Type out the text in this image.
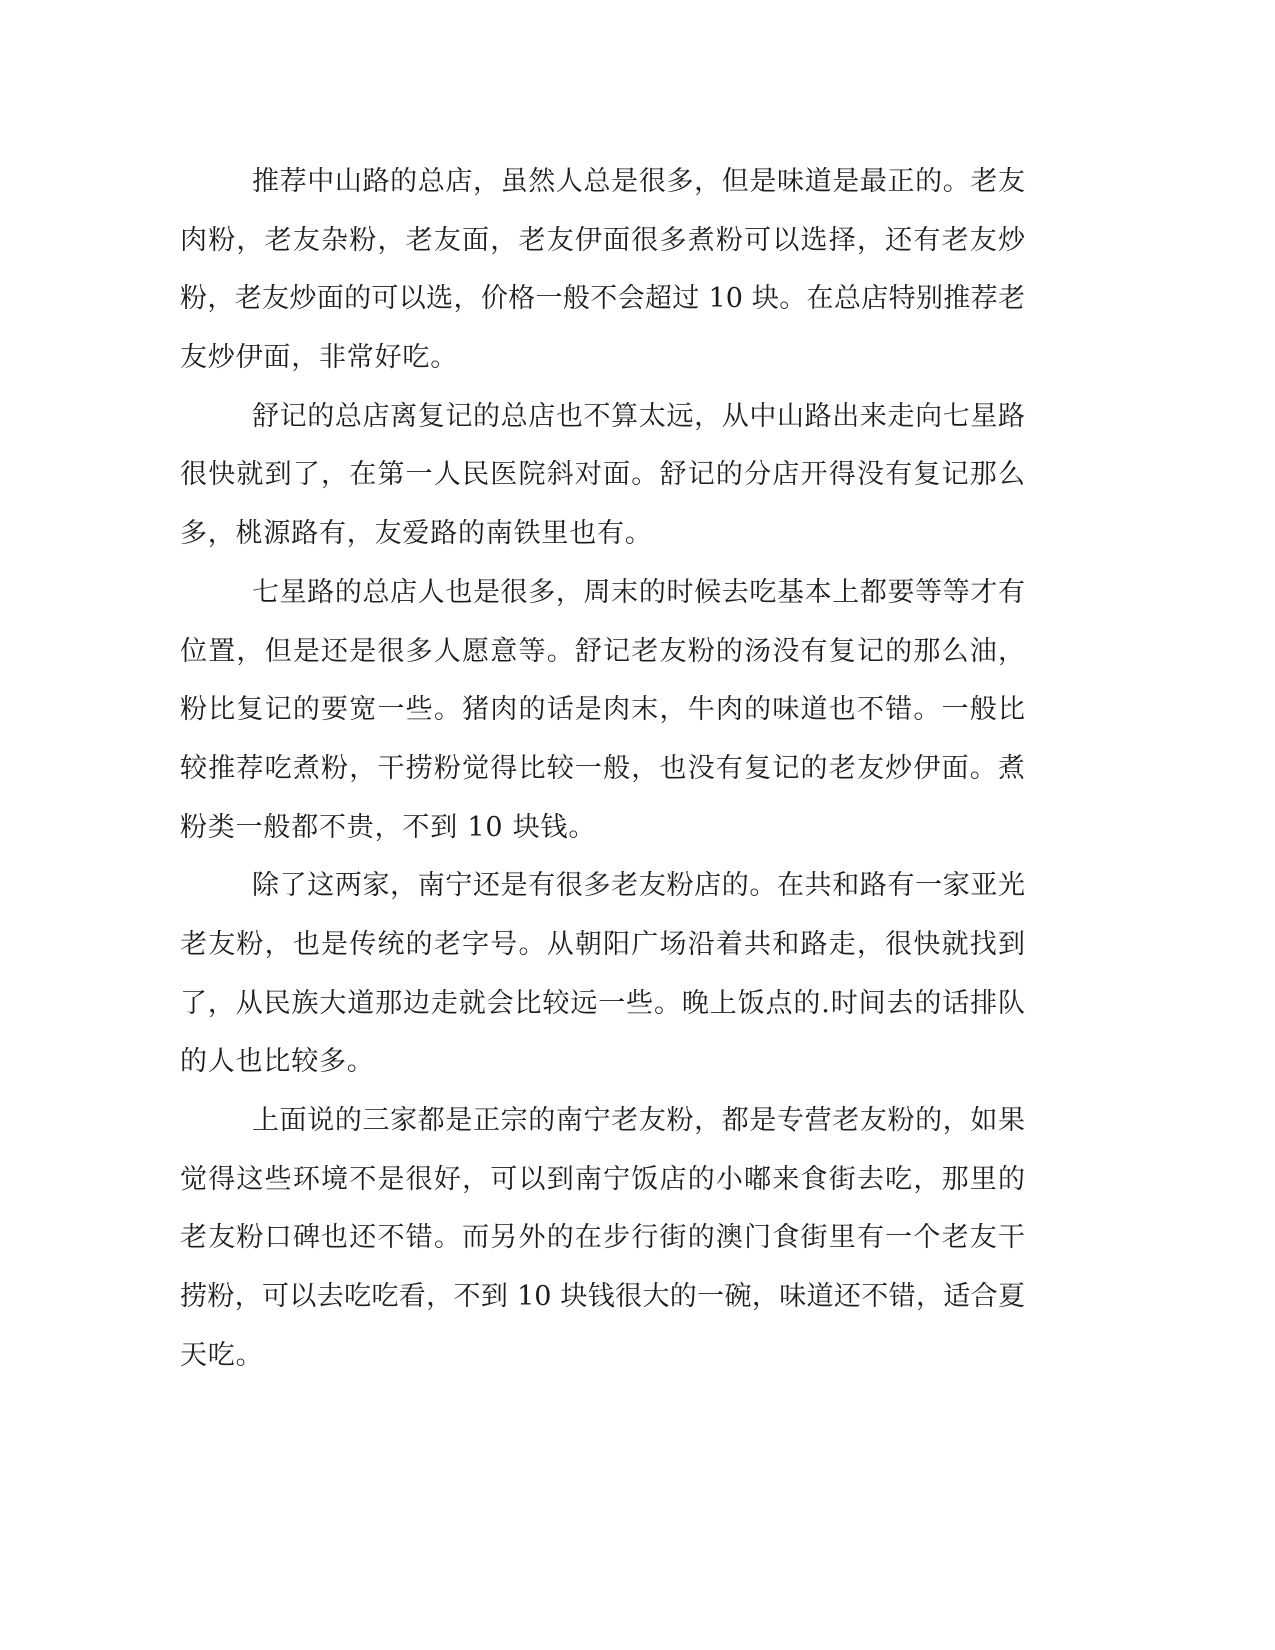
推荐中山路的总店，虽然人总是很多，但是味道是最正的。老友
肉粉，老友杂粉，老友面，老友伊面很多煮粉可以选择，还有老友炒
粉，老友炒面的可以选，价格一般不会超过 10 块。在总店特别推荐老
友炒伊面，非常好吃。
舒记的总店离复记的总店也不算太远，从中山路出来走向七星路
很快就到了，在第一人民医院斜对面。舒记的分店开得没有复记那么
多，桃源路有，友爱路的南铁里也有。
七星路的总店人也是很多，周末的时候去吃基本上都要等等才有
位置，但是还是很多人愿意等。舒记老友粉的汤没有复记的那么油，
粉比复记的要宽一些。猪肉的话是肉末，牛肉的味道也不错。一般比
较推荐吃煮粉，干捞粉觉得比较一般，也没有复记的老友炒伊面。煮
粉类一般都不贵，不到 10 块钱。
除了这两家，南宁还是有很多老友粉店的。在共和路有一家亚光
老友粉，也是传统的老字号。从朝阳广场沿着共和路走，很快就找到
了，从民族大道那边走就会比较远一些。晚上饭点的.时间去的话排队
的人也比较多。
上面说的三家都是正宗的南宁老友粉，都是专营老友粉的，如果
觉得这些环境不是很好，可以到南宁饭店的小嘟来食街去吃，那里的
老友粉口碑也还不错。而另外的在步行街的澳门食街里有一个老友干
捞粉，可以去吃吃看，不到 10 块钱很大的一碗，味道还不错，适合夏
天吃。
